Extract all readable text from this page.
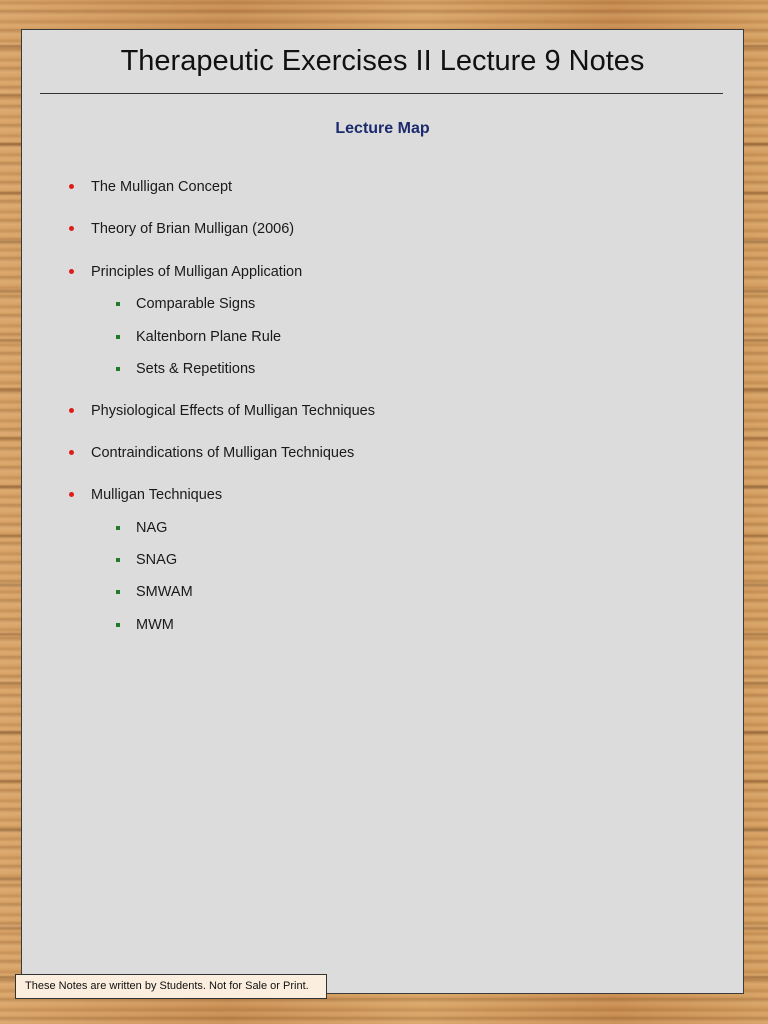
Therapeutic Exercises II Lecture 9 Notes
Lecture Map
The Mulligan Concept
Theory of Brian Mulligan (2006)
Principles of Mulligan Application
Comparable Signs
Kaltenborn Plane Rule
Sets & Repetitions
Physiological Effects of Mulligan Techniques
Contraindications of Mulligan Techniques
Mulligan Techniques
NAG
SNAG
SMWAM
MWM
These Notes are written by Students. Not for Sale or Print.
